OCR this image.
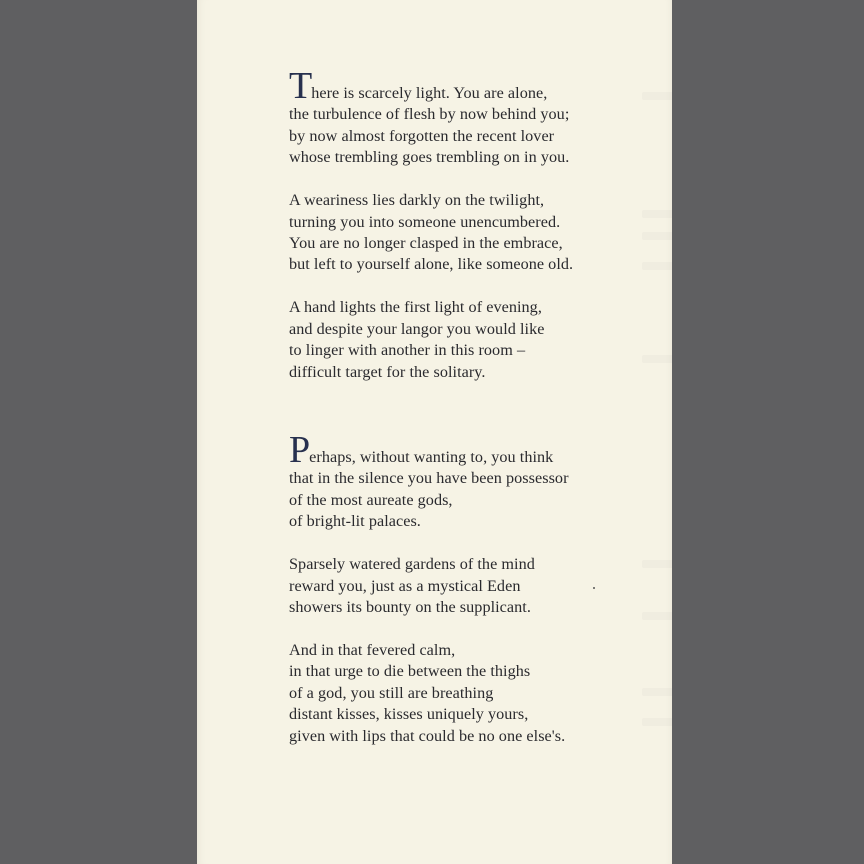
There is scarcely light. You are alone,
the turbulence of flesh by now behind you;
by now almost forgotten the recent lover
whose trembling goes trembling on in you.
A weariness lies darkly on the twilight,
turning you into someone unencumbered.
You are no longer clasped in the embrace,
but left to yourself alone, like someone old.
A hand lights the first light of evening,
and despite your langor you would like
to linger with another in this room –
difficult target for the solitary.
Perhaps, without wanting to, you think
that in the silence you have been possessor
of the most aureate gods,
of bright-lit palaces.
Sparsely watered gardens of the mind
reward you, just as a mystical Eden
showers its bounty on the supplicant.
And in that fevered calm,
in that urge to die between the thighs
of a god, you still are breathing
distant kisses, kisses uniquely yours,
given with lips that could be no one else's.
